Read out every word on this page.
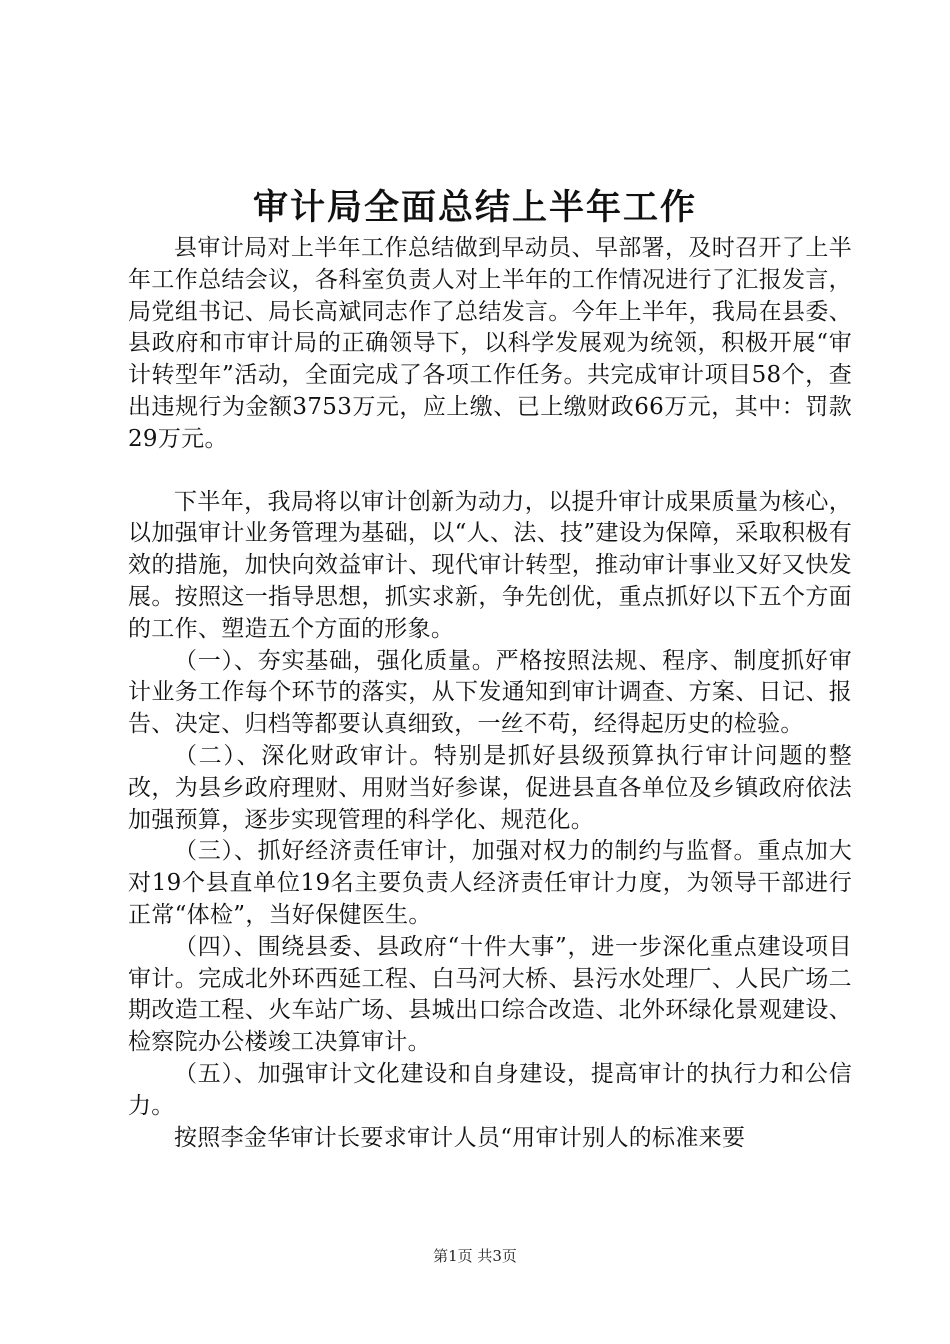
审计局全面总结上半年工作

县审计局对上半年工作总结做到早动员、早部署，及时召开了上半年工作总结会议，各科室负责人对上半年的工作情况进行了汇报发言，局党组书记、局长高斌同志作了总结发言。今年上半年，我局在县委、县政府和市审计局的正确领导下，以科学发展观为统领，积极开展“审计转型年”活动，全面完成了各项工作任务。共完成审计项目58个，查出违规行为金额3753万元，应上缴、已上缴财政66万元，其中：罚款29万元。

下半年，我局将以审计创新为动力，以提升审计成果质量为核心，以加强审计业务管理为基础，以“人、法、技”建设为保障，采取积极有效的措施，加快向效益审计、现代审计转型，推动审计事业又好又快发展。按照这一指导思想，抓实求新，争先创优，重点抓好以下五个方面的工作、塑造五个方面的形象。

（一）、夯实基础，强化质量。严格按照法规、程序、制度抓好审计业务工作每个环节的落实，从下发通知到审计调查、方案、日记、报告、决定、归档等都要认真细致，一丝不苟，经得起历史的检验。

（二）、深化财政审计。特别是抓好县级预算执行审计问题的整改，为县乡政府理财、用财当好参谋，促进县直各单位及乡镇政府依法加强预算，逐步实现管理的科学化、规范化。

（三）、抓好经济责任审计，加强对权力的制约与监督。重点加大对19个县直单位19名主要负责人经济责任审计力度，为领导干部进行正常“体检”，当好保健医生。

（四）、围绕县委、县政府“十件大事”，进一步深化重点建设项目审计。完成北外环西延工程、白马河大桥、县污水处理厂、人民广场二期改造工程、火车站广场、县城出口综合改造、北外环绿化景观建设、检察院办公楼竣工决算审计。

（五）、加强审计文化建设和自身建设，提高审计的执行力和公信力。

按照李金华审计长要求审计人员“用审计别人的标准来要

第1页 共3页
